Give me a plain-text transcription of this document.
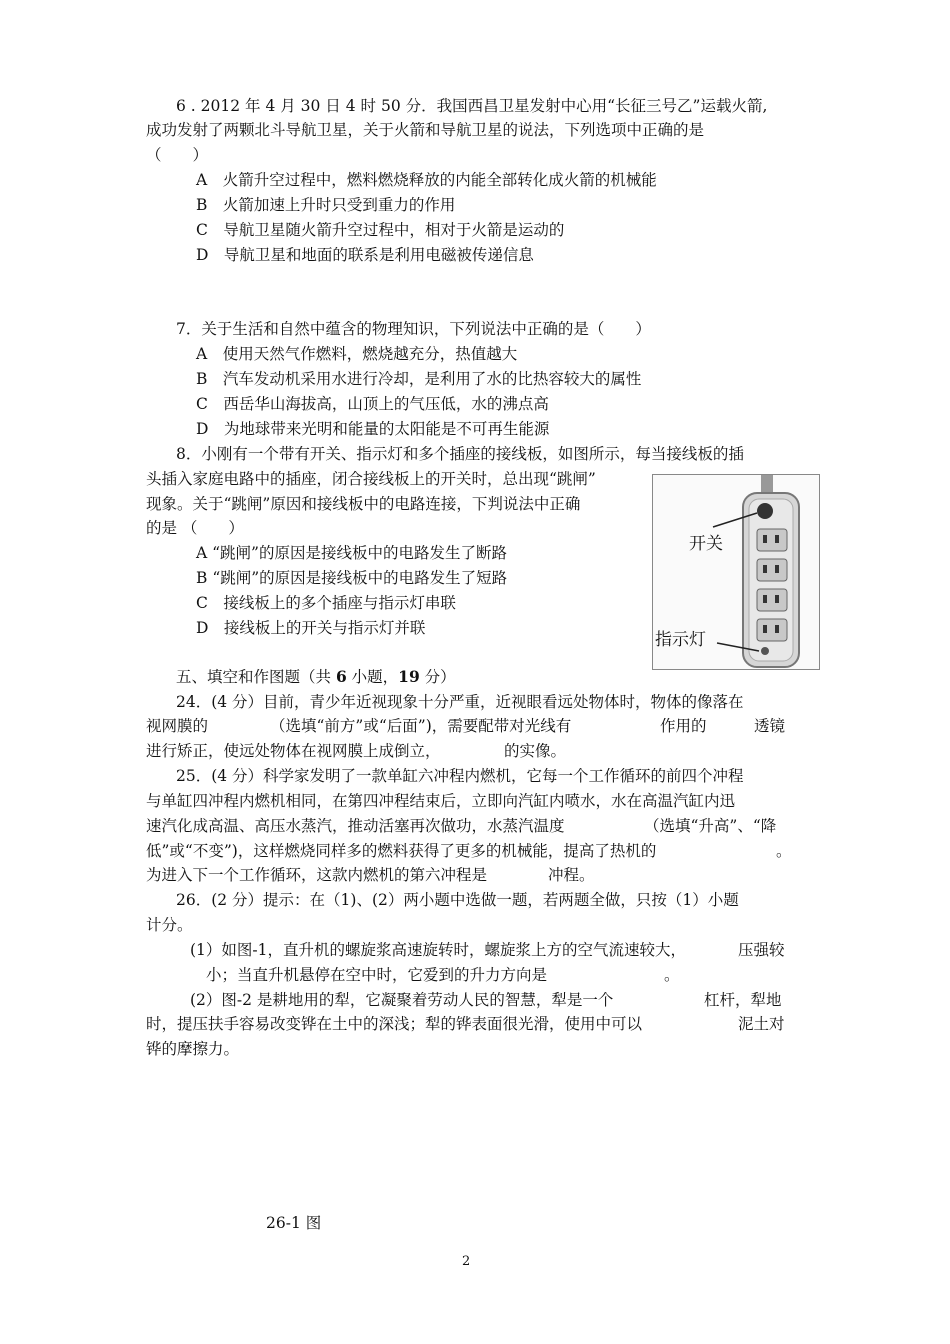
6 . 2012 年 4 月 30 日 4 时 50 分．我国西昌卫星发射中心用“长征三号乙”运载火箭,
成功发射了两颗北斗导航卫星，关于火箭和导航卫星的说法，下列选项中正确的是
（　　）
A　火箭升空过程中，燃料燃烧释放的内能全部转化成火箭的机械能
B　火箭加速上升时只受到重力的作用
C　导航卫星随火箭升空过程中，相对于火箭是运动的
D　导航卫星和地面的联系是利用电磁被传递信息
7．关于生活和自然中蕴含的物理知识，下列说法中正确的是（　　）
A　使用天然气作燃料，燃烧越充分，热值越大
B　汽车发动机采用水进行冷却，是利用了水的比热容较大的属性
C　西岳华山海拔高，山顶上的气压低，水的沸点高
D　为地球带来光明和能量的太阳能是不可再生能源
8．小刚有一个带有开关、指示灯和多个插座的接线板，如图所示，每当接线板的插
头插入家庭电路中的插座，闭合接线板上的开关时，总出现“跳闸”
现象。关于“跳闸”原因和接线板中的电路连接，下判说法中正确
的是 （　　）
A “跳闸”的原因是接线板中的电路发生了断路
B “跳闸”的原因是接线板中的电路发生了短路
C　接线板上的多个插座与指示灯串联
D　接线板上的开关与指示灯并联
开关
指示灯
五、填空和作图题（共 6 小题，19 分）
24．(4 分）目前，青少年近视现象十分严重，近视眼看远处物体时，物体的像落在
视网膜的	（选填“前方”或“后面”)，需要配带对光线有	作用的	透镜
进行矫正，使远处物体在视网膜上成倒立，	的实像。
25．(4 分）科学家发明了一款单缸六冲程内燃机，它每一个工作循环的前四个冲程
与单缸四冲程内燃机相同，在第四冲程结束后，立即向汽缸内喷水，水在高温汽缸内迅
速汽化成高温、高压水蒸汽，推动活塞再次做功，水蒸汽温度	（选填“升高”、“降
低”或“不变”)，这样燃烧同样多的燃料获得了更多的机械能，提高了热机的	。
为进入下一个工作循环，这款内燃机的第六冲程是	冲程。
26．(2 分）提示：在（1)、(2）两小题中选做一题，若两题全做，只按（1）小题
计分。
(1）如图-1，直升机的螺旋浆高速旋转时，螺旋浆上方的空气流速较大，	压强较
小；当直升机悬停在空中时，它爱到的升力方向是	。
(2）图-2 是耕地用的犁，它凝聚着劳动人民的智慧，犁是一个	杠杆，犁地
时，提压扶手容易改变铧在土中的深浅；犁的铧表面很光滑，使用中可以	泥土对
铧的摩擦力。
26-1 图
2
